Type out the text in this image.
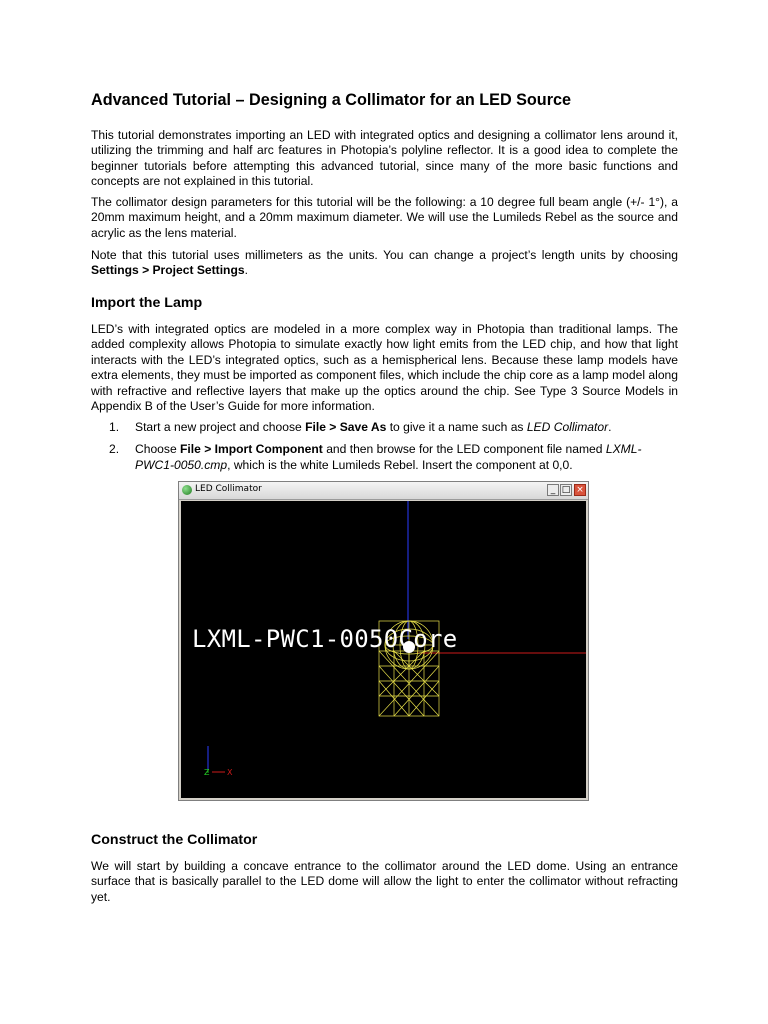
Advanced Tutorial – Designing a Collimator for an LED Source

This tutorial demonstrates importing an LED with integrated optics and designing a collimator lens around it, utilizing the trimming and half arc features in Photopia’s polyline reflector. It is a good idea to complete the beginner tutorials before attempting this advanced tutorial, since many of the more basic functions and concepts are not explained in this tutorial.

The collimator design parameters for this tutorial will be the following: a 10 degree full beam angle (+/- 1°), a 20mm maximum height, and a 20mm maximum diameter. We will use the Lumileds Rebel as the source and acrylic as the lens material.

Note that this tutorial uses millimeters as the units. You can change a project’s length units by choosing Settings > Project Settings.

Import the Lamp

LED’s with integrated optics are modeled in a more complex way in Photopia than traditional lamps. The added complexity allows Photopia to simulate exactly how light emits from the LED chip, and how that light interacts with the LED’s integrated optics, such as a hemispherical lens. Because these lamp models have extra elements, they must be imported as component files, which include the chip core as a lamp model along with refractive and reflective layers that make up the optics around the chip. See Type 3 Source Models in Appendix B of the User’s Guide for more information.

1. Start a new project and choose File > Save As to give it a name such as LED Collimator.
2. Choose File > Import Component and then browse for the LED component file named LXML-PWC1-0050.cmp, which is the white Lumileds Rebel. Insert the component at 0,0.
Construct the Collimator

We will start by building a concave entrance to the collimator around the LED dome. Using an entrance surface that is basically parallel to the LED dome will allow the light to enter the collimator without refracting yet.

LED Collimator	_ □ ×
Z X
LXML-PWC1-0050Core
